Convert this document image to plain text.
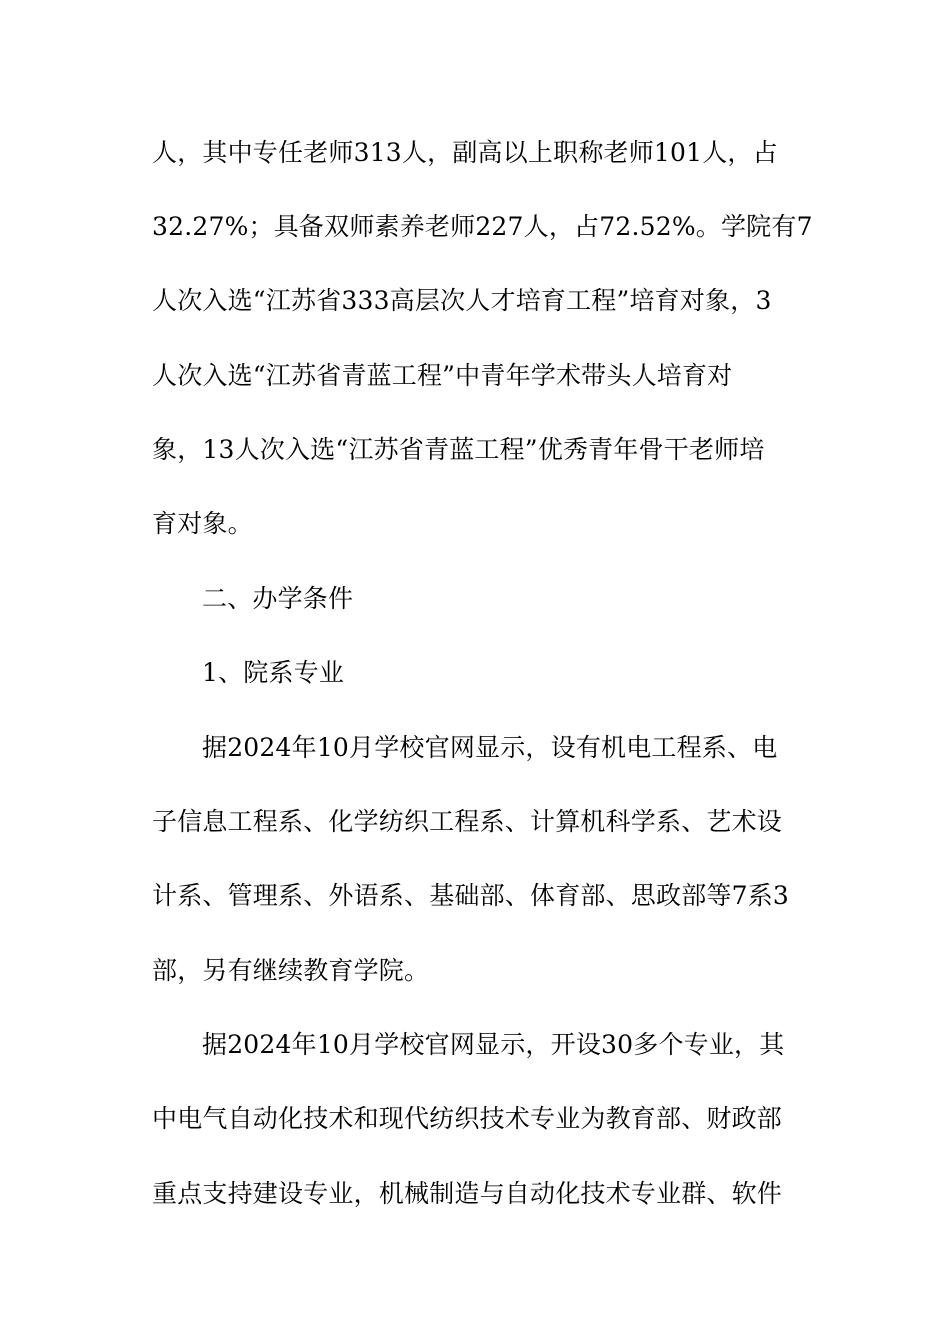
人，其中专任老师313人，副高以上职称老师101人，占
32.27%；具备双师素养老师227人，占72.52%。学院有7
人次入选“江苏省333高层次人才培育工程”培育对象，3
人次入选“江苏省青蓝工程”中青年学术带头人培育对
象，13人次入选“江苏省青蓝工程”优秀青年骨干老师培
育对象。
二、办学条件
1、院系专业
据2024年10月学校官网显示，设有机电工程系、电
子信息工程系、化学纺织工程系、计算机科学系、艺术设
计系、管理系、外语系、基础部、体育部、思政部等7系3
部，另有继续教育学院。
据2024年10月学校官网显示，开设30多个专业，其
中电气自动化技术和现代纺织技术专业为教育部、财政部
重点支持建设专业，机械制造与自动化技术专业群、软件
